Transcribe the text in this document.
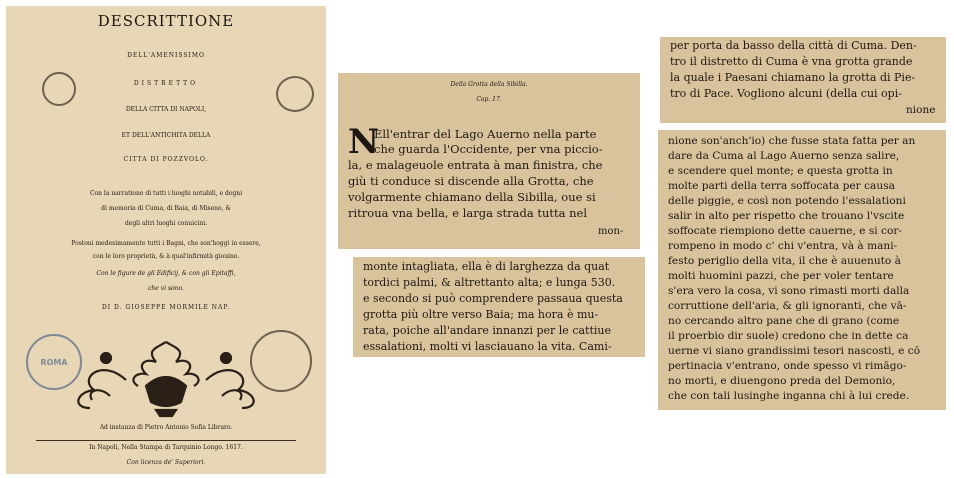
DESCRITTIONE
DELL'AMENISSIMO
DISTRETTO
DELLA CITTA DI NAPOLI,
ET DELL'ANTICHITA DELLA
CITTA DI POZZVOLO.
Con la narratione di tutti i luoghi notabili, e degni
di memoria di Cuma, di Baia, di Miseno, &
degli altri luoghi conuicini.
Postoui medesimamente tutti i Bagni, che son'hoggi in essere,
con le loro proprietà, & à qual'infirmità giouino.
Con le figure de gli Edificij, & con gli Epitaffi,
che vi sono.
DI D. GIOSEPPE MORMILE NAP.
ROMA
Ad instanza di Pietro Antonio Sofia Libraro.
In Napoli, Nella Stampa di Tarquinio Longo. 1617.
Con licenza de' Superiori.
Della Grotta della Sibilla.
Cap. 17.
N
Ell'entrar del Lago Auerno nella parte
che guarda l'Occidente, per vna piccio-
la, e malageuole entrata à man finistra, che
giù ti conduce si discende alla Grotta, che
volgarmente chiamano della Sibilla, oue si
ritroua vna bella, e larga strada tutta nel
mon-
monte intagliata, ella è di larghezza da quat
tordici palmi, & altrettanto alta; e lunga 530.
e secondo si può comprendere passaua questa
grotta più oltre verso Baia; ma hora è mu-
rata, poiche all'andare innanzi per le cattiue
essalationi, molti vi lasciauano la vita. Cami-
per porta da basso della città di Cuma. Den-
tro il distretto di Cuma è vna grotta grande
la quale i Paesani chiamano la grotta di Pie-
tro di Pace. Vogliono alcuni (della cui opi-
nione
nione son'anch'io) che fusse stata fatta per an
dare da Cuma al Lago Auerno senza salire,
e scendere quel monte; e questa grotta in
molte parti della terra soffocata per causa
delle piggie, e così non potendo l'essalationi
salir in alto per rispetto che trouano l'vscite
soffocate riempiono dette cauerne, e si cor-
rompeno in modo c' chi v'entra, và à mani-
festo periglio della vita, il che è auuenuto à
molti huomini pazzi, che per voler tentare
s'era vero la cosa, vi sono rimasti morti dalla
corruttione dell'aria, & gli ignoranti, che vā-
no cercando altro pane che di grano (come
il proerbio dir suole) credono che in dette ca
uerne vi siano grandissimi tesori nascosti, e cō
pertinacia v'entrano, onde spesso vi rimāgo-
no morti, e diuengono preda del Demonio,
che con tali lusinghe inganna chi à lui crede.
